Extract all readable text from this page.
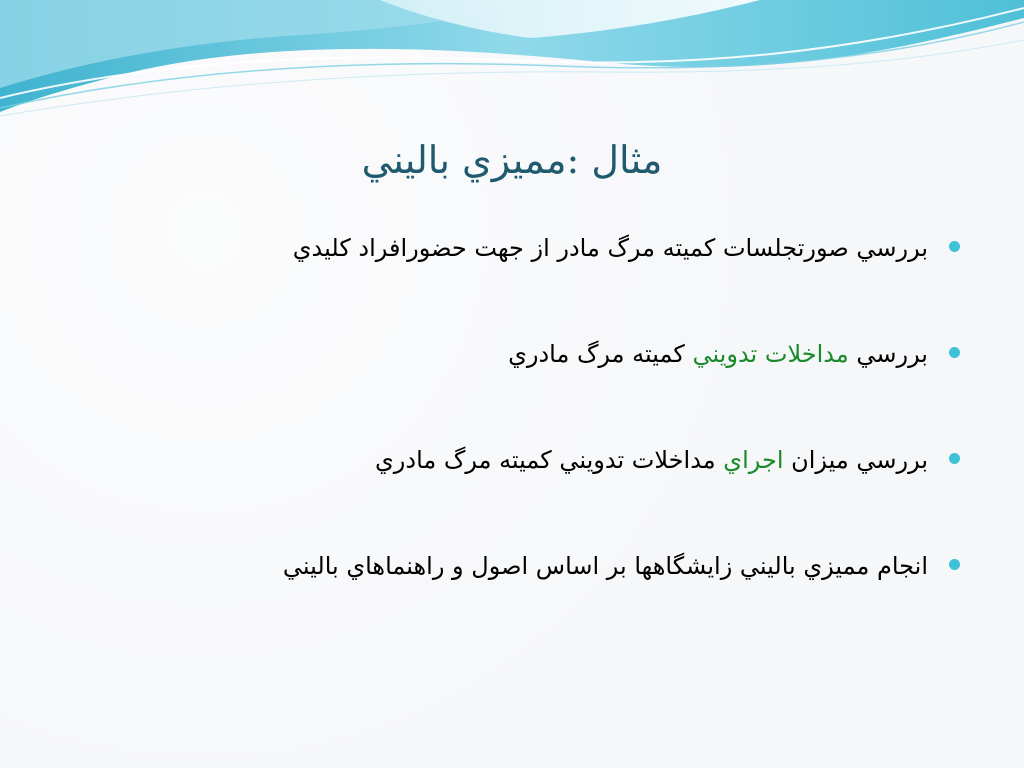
مثال :مميزي باليني
بررسي صورتجلسات كميته مرگ مادر از جهت حضورافراد كليدي
بررسي مداخلات تدويني كميته مرگ مادري
بررسي ميزان اجراي مداخلات تدويني كميته مرگ مادري
انجام مميزي باليني زايشگاهها بر اساس اصول و راهنماهاي باليني
